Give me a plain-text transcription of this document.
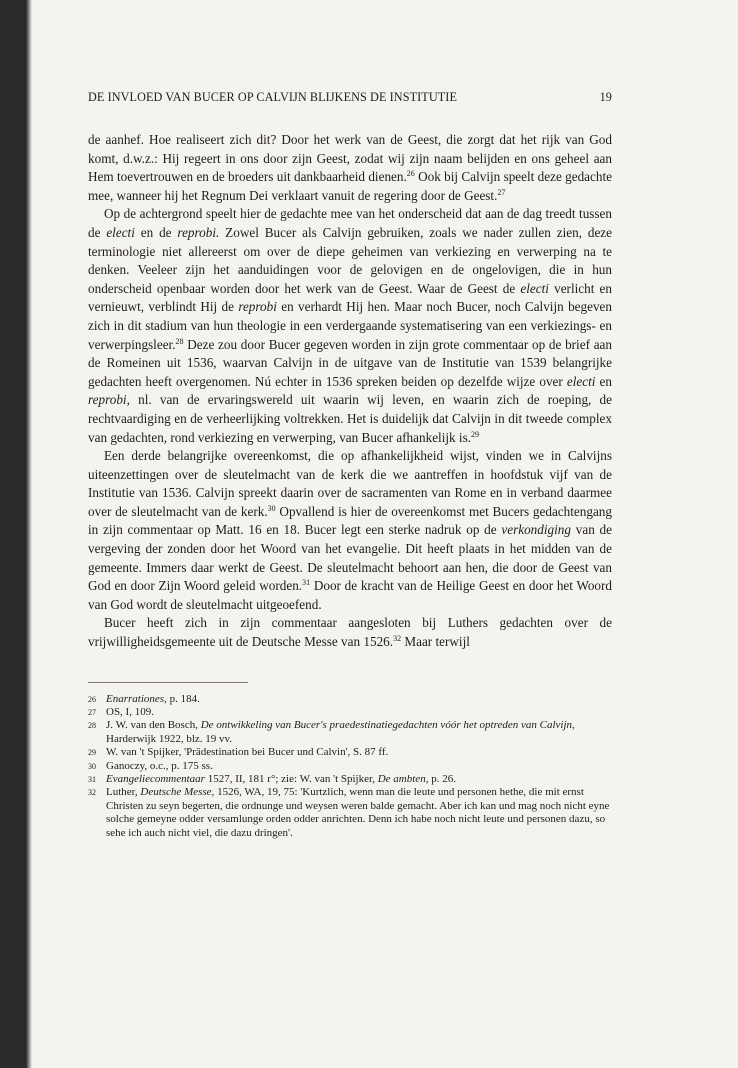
DE INVLOED VAN BUCER OP CALVIJN BLIJKENS DE INSTITUTIE	19

de aanhef. Hoe realiseert zich dit? Door het werk van de Geest, die zorgt dat het rijk van God komt, d.w.z.: Hij regeert in ons door zijn Geest, zodat wij zijn naam belijden en ons geheel aan Hem toevertrouwen en de broeders uit dankbaarheid dienen.$^{26}$ Ook bij Calvijn speelt deze gedachte mee, wanneer hij het Regnum Dei verklaart vanuit de regering door de Geest.$^{27}$

Op de achtergrond speelt hier de gedachte mee van het onderscheid dat aan de dag treedt tussen de electi en de reprobi. Zowel Bucer als Calvijn gebruiken, zoals we nader zullen zien, deze terminologie niet allereerst om over de diepe geheimen van verkiezing en verwerping na te denken. Veeleer zijn het aanduidingen voor de gelovigen en de ongelovigen, die in hun onderscheid openbaar worden door het werk van de Geest. Waar de Geest de electi verlicht en vernieuwt, verblindt Hij de reprobi en verhardt Hij hen. Maar noch Bucer, noch Calvijn begeven zich in dit stadium van hun theologie in een verdergaande systematisering van een verkiezings- en verwerpingsleer.$^{28}$ Deze zou door Bucer gegeven worden in zijn grote commentaar op de brief aan de Romeinen uit 1536, waarvan Calvijn in de uitgave van de Institutie van 1539 belangrijke gedachten heeft overgenomen. Nú echter in 1536 spreken beiden op dezelfde wijze over electi en reprobi, nl. van de ervaringswereld uit waarin wij leven, en waarin zich de roeping, de rechtvaardiging en de verheerlijking voltrekken. Het is duidelijk dat Calvijn in dit tweede complex van gedachten, rond verkiezing en verwerping, van Bucer afhankelijk is.$^{29}$

Een derde belangrijke overeenkomst, die op afhankelijkheid wijst, vinden we in Calvijns uiteenzettingen over de sleutelmacht van de kerk die we aantreffen in hoofdstuk vijf van de Institutie van 1536. Calvijn spreekt daarin over de sacramenten van Rome en in verband daarmee over de sleutelmacht van de kerk.$^{30}$ Opvallend is hier de overeenkomst met Bucers gedachtengang in zijn commentaar op Matt. 16 en 18. Bucer legt een sterke nadruk op de verkondiging van de vergeving der zonden door het Woord van het evangelie. Dit heeft plaats in het midden van de gemeente. Immers daar werkt de Geest. De sleutelmacht behoort aan hen, die door de Geest van God en door Zijn Woord geleid worden.$^{31}$ Door de kracht van de Heilige Geest en door het Woord van God wordt de sleutelmacht uitgeoefend.

Bucer heeft zich in zijn commentaar aangesloten bij Luthers gedachten over de vrijwilligheidsgemeente uit de Deutsche Messe van 1526.32 Maar terwijl

26 Enarrationes, p. 184.
27 OS, I, 109.
28 J. W. van den Bosch, De ontwikkeling van Bucer's praedestinatiegedachten vóór het optreden van Calvijn, Harderwijk 1922, blz. 19 vv.
29 W. van 't Spijker, 'Prädestination bei Bucer und Calvin', S. 87 ff.
30 Ganoczy, o.c., p. 175 ss.
31 Evangeliecommentaar 1527, II, 181 r°; zie: W. van 't Spijker, De ambten, p. 26.
32 Luther, Deutsche Messe, 1526, WA, 19, 75: 'Kurtzlich, wenn man die leute und personen hethe, die mit ernst Christen zu seyn begerten, die ordnunge und weysen weren balde gemacht. Aber ich kan und mag noch nicht eyne solche gemeyne odder versamlunge orden odder anrichten. Denn ich habe noch nicht leute und personen dazu, so sehe ich auch nicht viel, die dazu dringen'.
